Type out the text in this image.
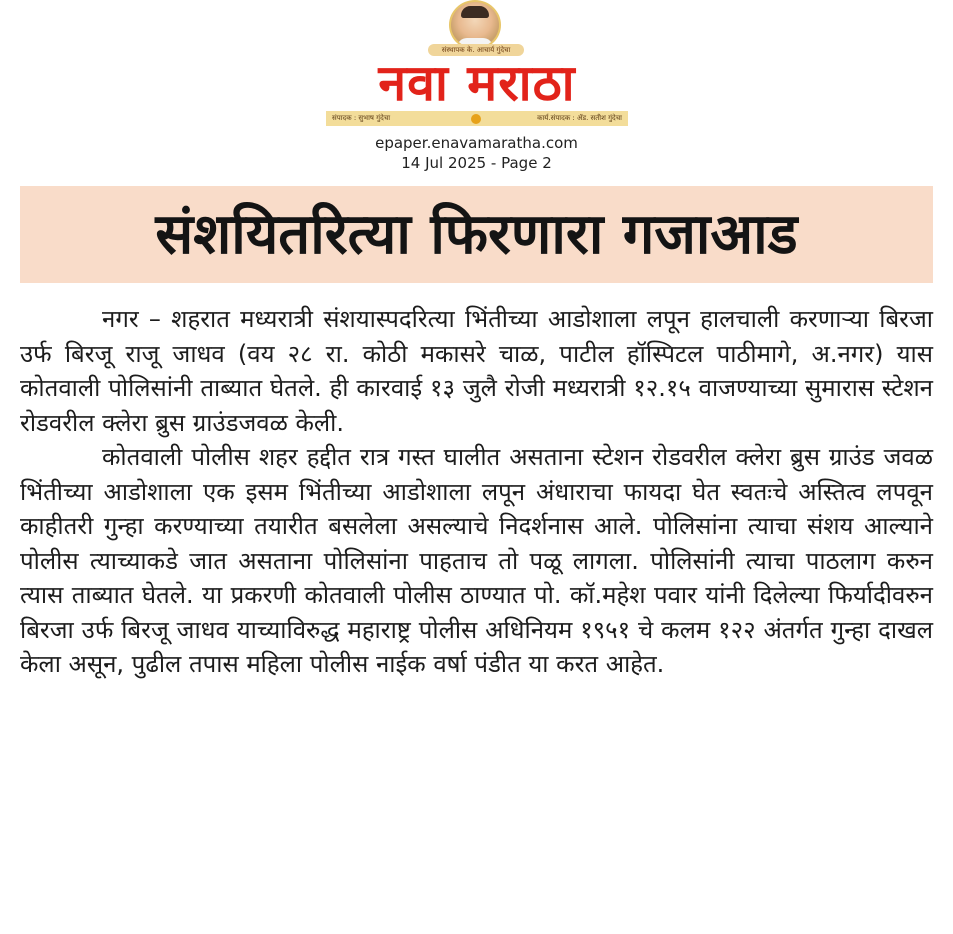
संस्थापक के. आचार्य गुंदेचा
नवा मराठा
संपादक : सुभाष गुंदेचा	कार्य.संपादक : ॲड. सतीश गुंदेचा
epaper.enavamaratha.com
14 Jul 2025 - Page 2
संशयितरित्या फिरणारा गजाआड

नगर – शहरात मध्यरात्री संशयास्पदरित्या भिंतीच्या आडोशाला लपून हालचाली करणाऱ्या बिरजा उर्फ बिरजू राजू जाधव (वय २८ रा. कोठी मकासरे चाळ, पाटील हॉस्पिटल पाठीमागे, अ.नगर) यास कोतवाली पोलिसांनी ताब्यात घेतले. ही कारवाई १३ जुलै रोजी मध्यरात्री १२.१५ वाजण्याच्या सुमारास स्टेशन रोडवरील क्लेरा ब्रुस ग्राउंडजवळ केली.

कोतवाली पोलीस शहर हद्दीत रात्र गस्त घालीत असताना स्टेशन रोडवरील क्लेरा ब्रुस ग्राउंड जवळ भिंतीच्या आडोशाला एक इसम भिंतीच्या आडोशाला लपून अंधाराचा फायदा घेत स्वतःचे अस्तित्व लपवून काहीतरी गुन्हा करण्याच्या तयारीत बसलेला असल्याचे निदर्शनास आले. पोलिसांना त्याचा संशय आल्याने पोलीस त्याच्याकडे जात असताना पोलिसांना पाहताच तो पळू लागला. पोलिसांनी त्याचा पाठलाग करुन त्यास ताब्यात घेतले. या प्रकरणी कोतवाली पोलीस ठाण्यात पो. कॉ.महेश पवार यांनी दिलेल्या फिर्यादीवरुन बिरजा उर्फ बिरजू जाधव याच्याविरुद्ध महाराष्ट्र पोलीस अधिनियम १९५१ चे कलम १२२ अंतर्गत गुन्हा दाखल केला असून, पुढील तपास महिला पोलीस नाईक वर्षा पंडीत या करत आहेत.
